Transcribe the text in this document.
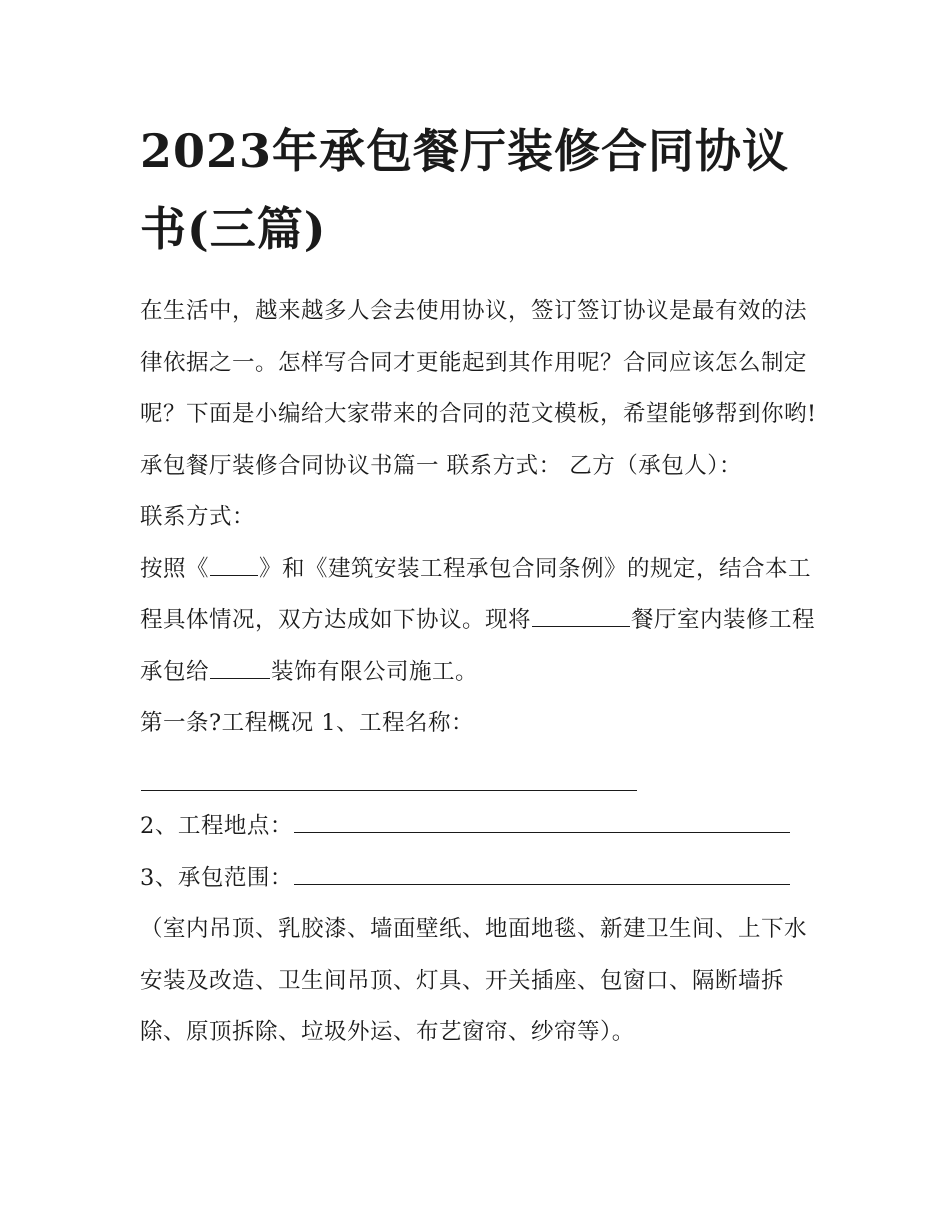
2023年承包餐厅装修合同协议书(三篇)

在生活中，越来越多人会去使用协议，签订签订协议是最有效的法律依据之一。怎样写合同才更能起到其作用呢？合同应该怎么制定呢？下面是小编给大家带来的合同的范文模板，希望能够帮到你哟!

承包餐厅装修合同协议书篇一 联系方式： 乙方（承包人）：

联系方式：

按照《 》和《建筑安装工程承包合同条例》的规定，结合本工程具体情况，双方达成如下协议。现将	餐厅室内装修工程承包给	装饰有限公司施工。

第一条?工程概况 1、工程名称：

2、工程地点：

3、承包范围：

（室内吊顶、乳胶漆、墙面壁纸、地面地毯、新建卫生间、上下水安装及改造、卫生间吊顶、灯具、开关插座、包窗口、隔断墙拆除、原顶拆除、垃圾外运、布艺窗帘、纱帘等）。
